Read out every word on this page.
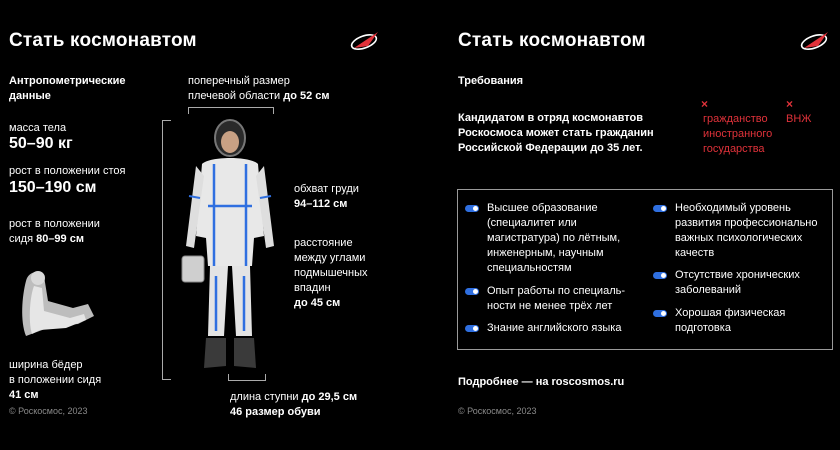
Стать космонавтом
Антропометрические данные
масса тела
50–90 кг
рост в положении стоя
150–190 см
рост в положении
сидя 80–99 см
ширина бёдер
в положении сидя
41 см
© Роскосмос, 2023
поперечный размер
плечевой области до 52 см
обхват груди
94–112 см
расстояние
между углами
подмышечных
впадин
до 45 см
длина ступни до 29,5 см
46 размер обуви
Стать космонавтом
Требования
Кандидатом в отряд космонавтов
Роскосмоса может стать гражданин
Российской Федерации до 35 лет.
×
гражданство
иностранного
государства
×
ВНЖ
Высшее образование
(специалитет или
магистратура) по лётным,
инженерным, научным
специальностям
Опыт работы по специаль-
ности не менее трёх лет
Знание английского языка
Необходимый уровень
развития профессионально
важных психологических
качеств
Отсутствие хронических
заболеваний
Хорошая физическая
подготовка
Подробнее — на roscosmos.ru
© Роскосмос, 2023
